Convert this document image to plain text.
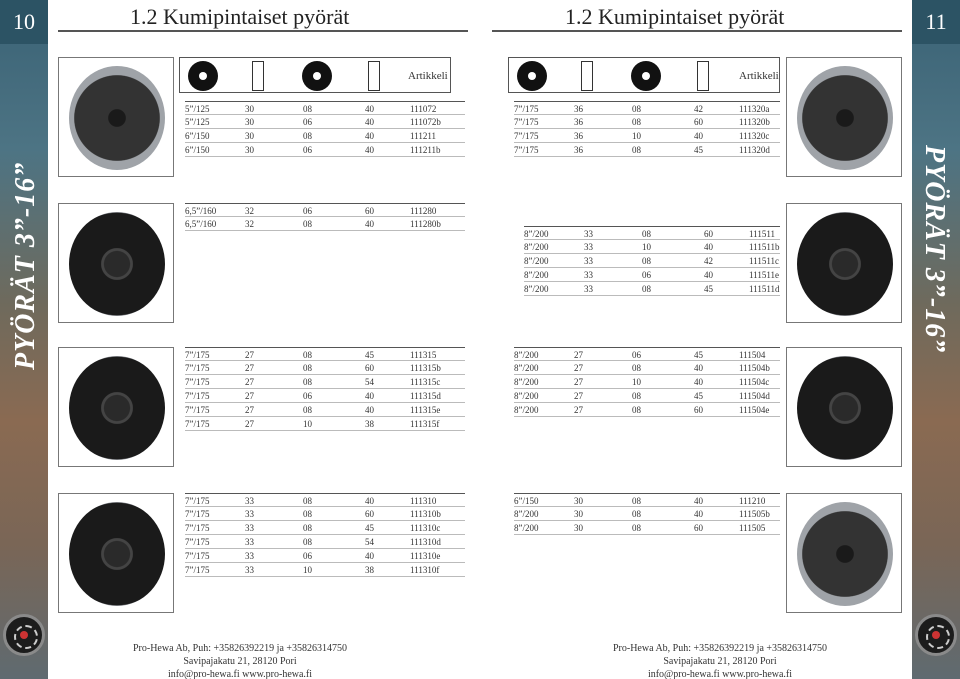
10
PYÖRÄT 3”-16”
11
PYÖRÄT 3”-16”
1.2 Kumipintaiset pyörät	1.2 Kumipintaiset pyörät
Artikkeli	Artikkeli
5”/125	30	08	40	111072
5”/125	30	06	40	111072b
6”/150	30	08	40	111211
6”/150	30	06	40	111211b
6,5”/160	32	06	60	111280
6,5”/160	32	08	40	111280b
7”/175	27	08	45	111315
7”/175	27	08	60	111315b
7”/175	27	08	54	111315c
7”/175	27	06	40	111315d
7”/175	27	08	40	111315e
7”/175	27	10	38	111315f
7”/175	33	08	40	111310
7”/175	33	08	60	111310b
7”/175	33	08	45	111310c
7”/175	33	08	54	111310d
7”/175	33	06	40	111310e
7”/175	33	10	38	111310f
7”/175	36	08	42	111320a
7”/175	36	08	60	111320b
7”/175	36	10	40	111320c
7”/175	36	08	45	111320d
8”/200	33	08	60	111511
8”/200	33	10	40	111511b
8”/200	33	08	42	111511c
8”/200	33	06	40	111511e
8”/200	33	08	45	111511d
8”/200	27	06	45	111504
8”/200	27	08	40	111504b
8”/200	27	10	40	111504c
8”/200	27	08	45	111504d
8”/200	27	08	60	111504e
6”/150	30	08	40	111210
8”/200	30	08	40	111505b
8”/200	30	08	60	111505
Pro-Hewa Ab, Puh: +35826392219 ja +35826314750
Savipajakatu 21, 28120 Pori
info@pro-hewa.fi www.pro-hewa.fi
Pro-Hewa Ab, Puh: +35826392219 ja +35826314750
Savipajakatu 21, 28120 Pori
info@pro-hewa.fi www.pro-hewa.fi
